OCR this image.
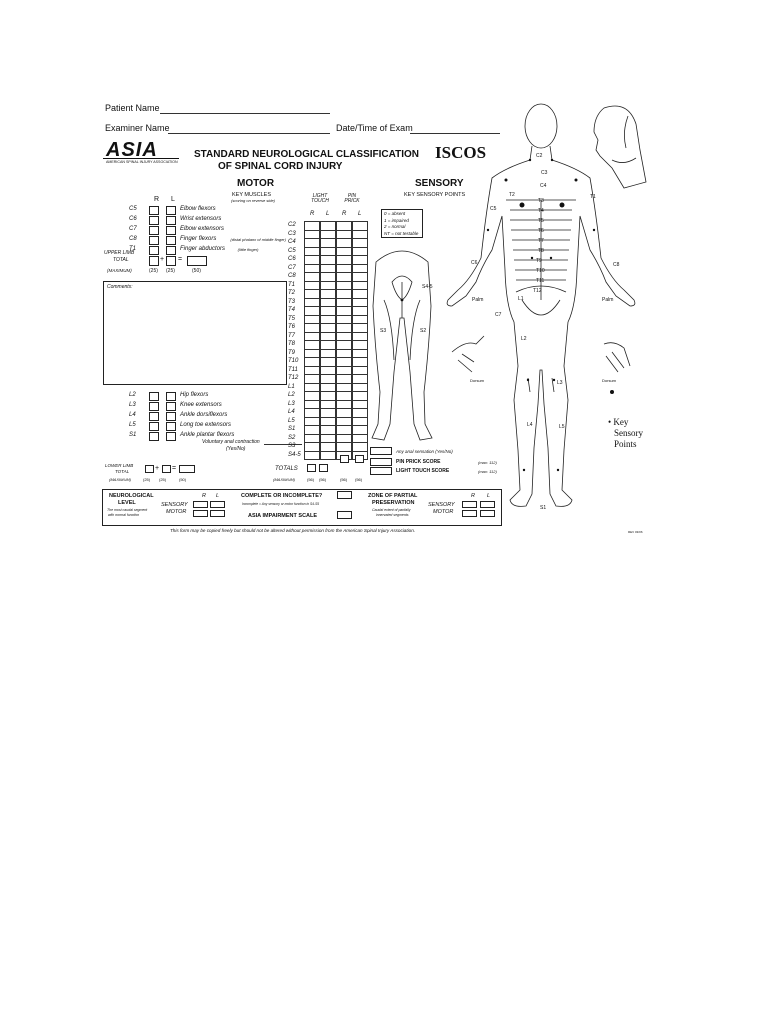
Patient Name
Examiner Name	Date/Time of Exam
ASIA
AMERICAN SPINAL INJURY ASSOCIATION
STANDARD NEUROLOGICAL CLASSIFICATION
OF SPINAL CORD INJURY
ISCOS
MOTOR
KEY MUSCLES
(scoring on reverse side)
R L
C5	Elbow flexors
C6	Wrist extensors
C7	Elbow extensors
C8	Finger flexors	(distal phalanx of middle finger)
T1	Finger abductors	(little finger)
UPPER LIMB
TOTAL	+ =
(MAXIMUM)	(25) (25)	(50)
Comments:
L2	Hip flexors
L3	Knee extensors
L4	Ankle dorsiflexors
L5	Long toe extensors
S1	Ankle plantar flexors
Voluntary anal contraction
(Yes/No)
LOWER LIMB
TOTAL	+ =
(MAXIMUM)	(25) (25)	(50)
LIGHT
TOUCH
PIN
PRICK
R L R L
C2
C3
C4
C5
C6
C7
C8
T1
T2
T3
T4
T5
T6
T7
T8
T9
T10
T11
T12
L1
L2
L3
L4
L5
S1
S2
S3
S4-5
TOTALS
(MAXIMUM)	(56) (56)	(56) (56)
Any anal sensation (Yes/No)
PIN PRICK SCORE	(max: 112)
LIGHT TOUCH SCORE	(max: 112)
SENSORY
KEY SENSORY POINTS
0 = absent
1 = impaired
2 = normal
NT = not testable
S4-5
S3	S2
Palm	Palm
Dorsum	Dorsum
C2
C3
C4
T2
T3
T4
T5
T6
T7
T8
T9
T10
T11
T12
L1
L2
L3
L4	L5
S1
C5
C6
C7
C8
T1
• Key
Sensory
Points
NEUROLOGICAL
LEVEL
The most caudal segment
with normal function
R L
SENSORY
MOTOR
COMPLETE OR INCOMPLETE?
Incomplete = Any sensory or motor function in S4-S5
ASIA IMPAIRMENT SCALE
ZONE OF PARTIAL
PRESERVATION
Caudal extent of partially
innervated segments
R L
SENSORY
MOTOR
This form may be copied freely but should not be altered without permission from the American Spinal Injury Association.	REV 03/06
